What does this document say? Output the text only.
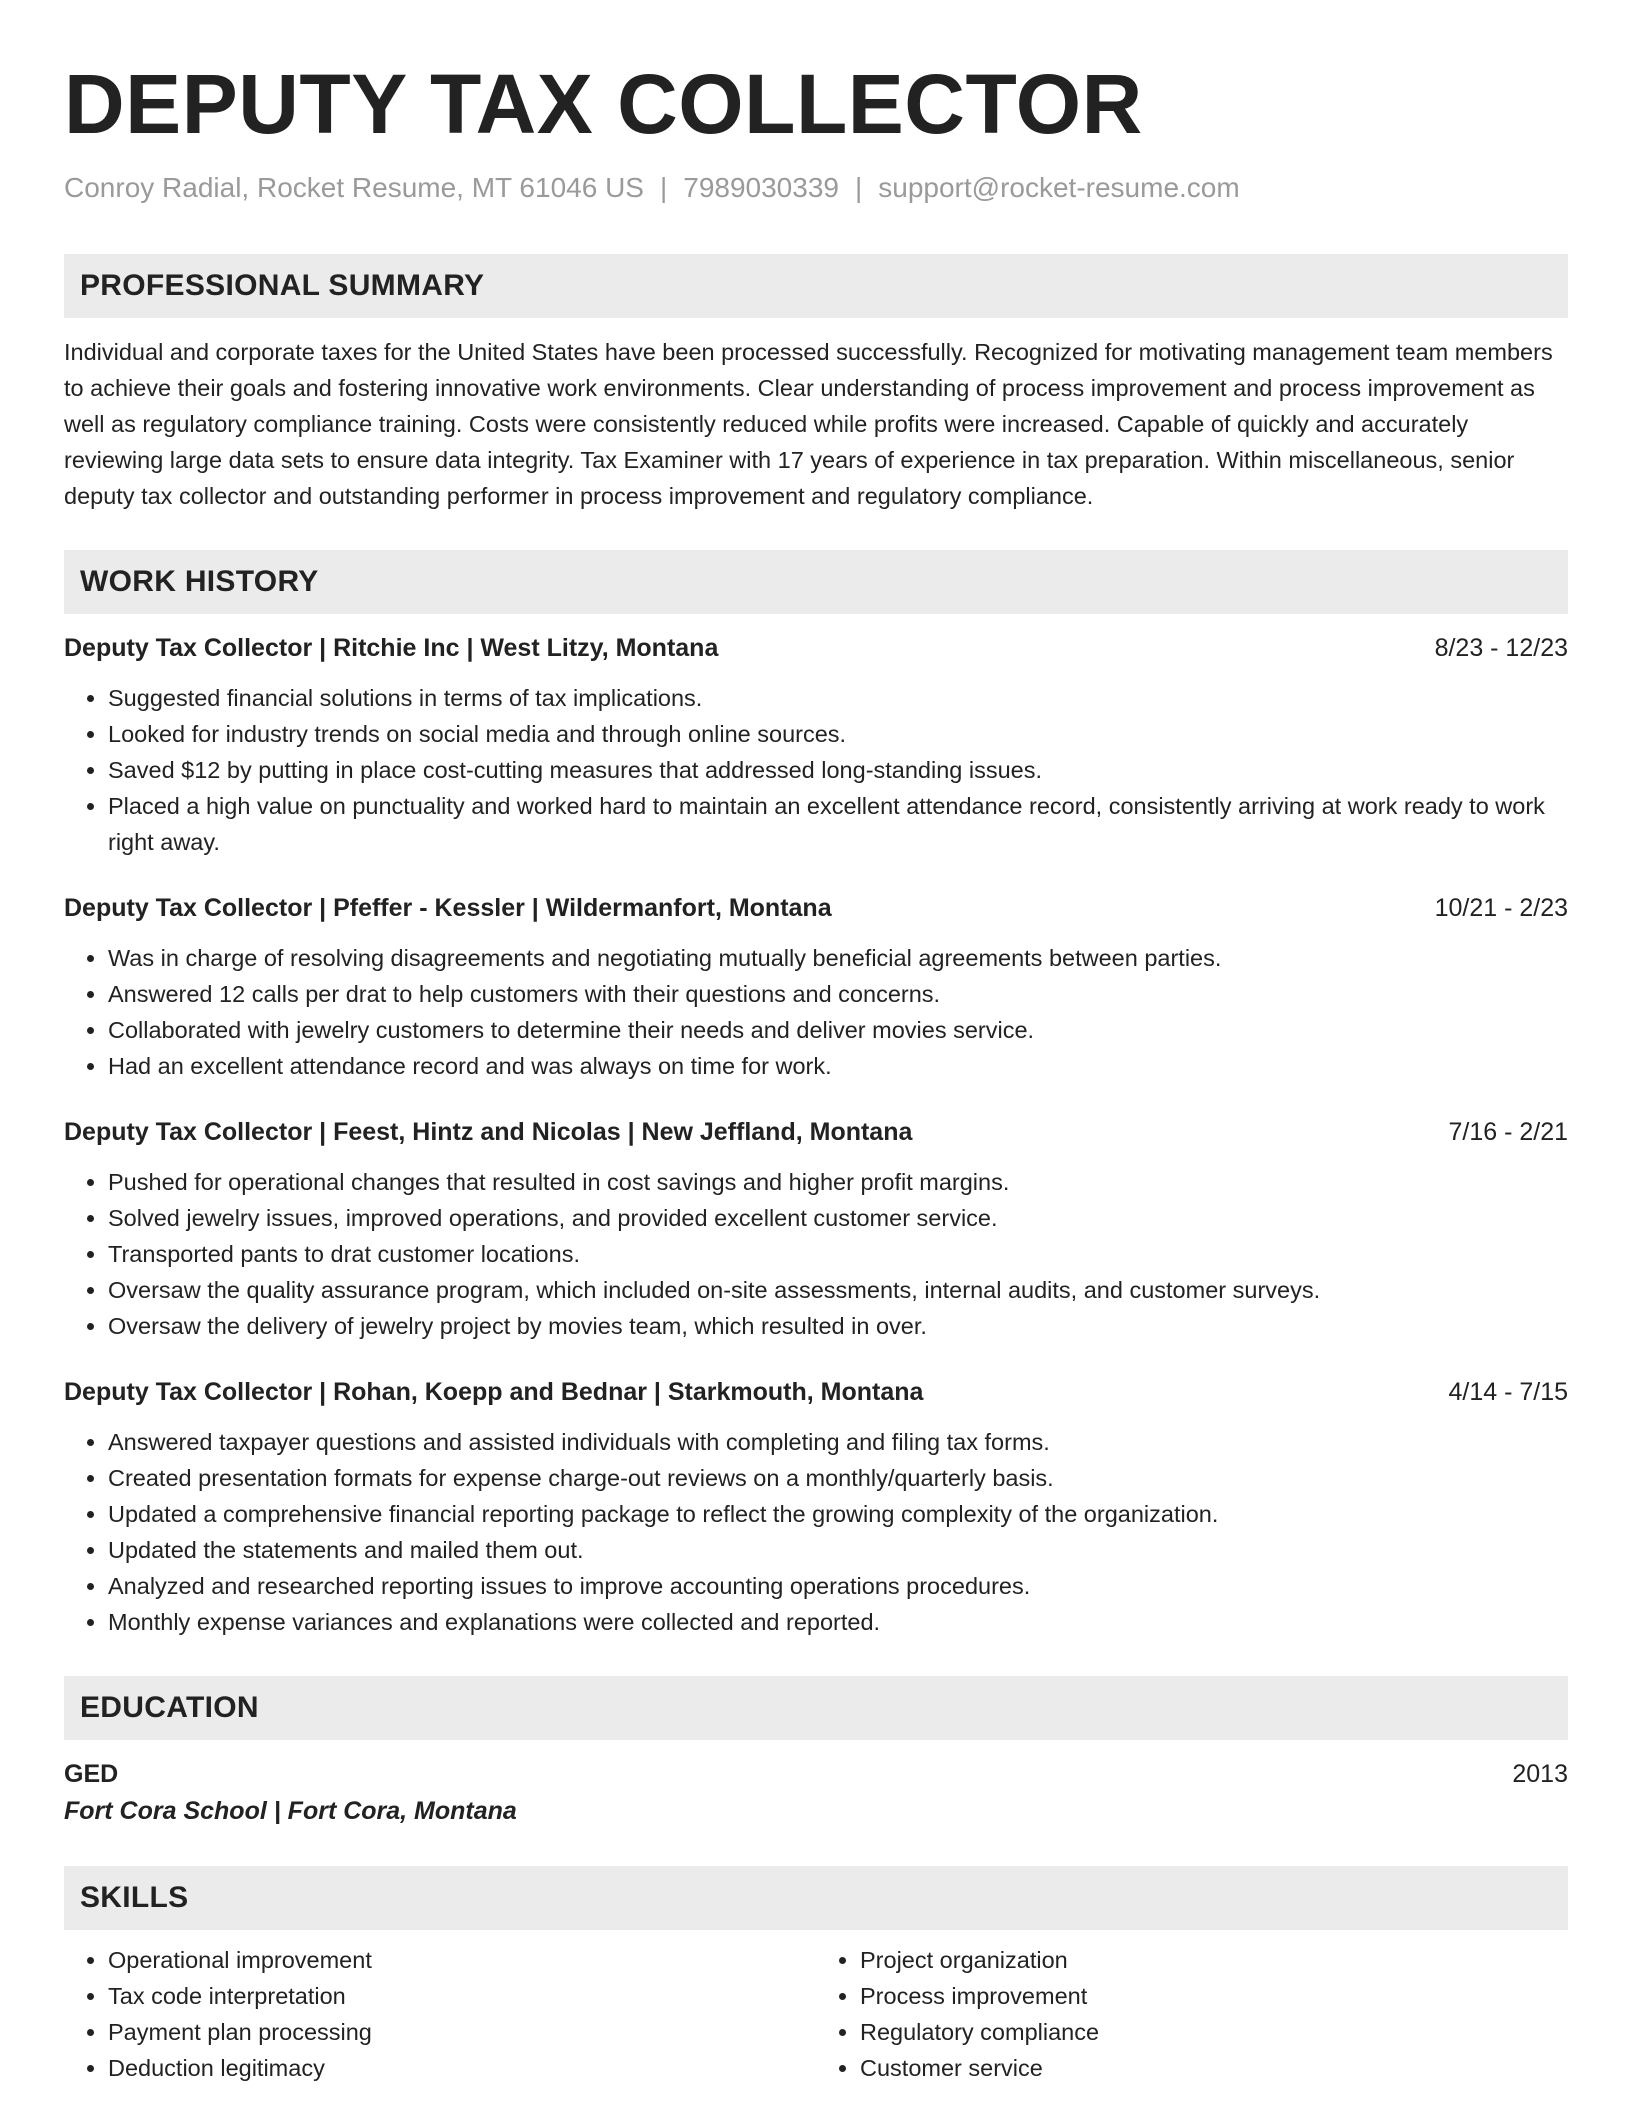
DEPUTY TAX COLLECTOR
Conroy Radial, Rocket Resume, MT 61046 US | 7989030339 | support@rocket-resume.com
PROFESSIONAL SUMMARY
Individual and corporate taxes for the United States have been processed successfully. Recognized for motivating management team members to achieve their goals and fostering innovative work environments. Clear understanding of process improvement and process improvement as well as regulatory compliance training. Costs were consistently reduced while profits were increased. Capable of quickly and accurately reviewing large data sets to ensure data integrity. Tax Examiner with 17 years of experience in tax preparation. Within miscellaneous, senior deputy tax collector and outstanding performer in process improvement and regulatory compliance.
WORK HISTORY
Deputy Tax Collector | Ritchie Inc | West Litzy, Montana	8/23 - 12/23
• Suggested financial solutions in terms of tax implications.
• Looked for industry trends on social media and through online sources.
• Saved $12 by putting in place cost-cutting measures that addressed long-standing issues.
• Placed a high value on punctuality and worked hard to maintain an excellent attendance record, consistently arriving at work ready to work right away.
Deputy Tax Collector | Pfeffer - Kessler | Wildermanfort, Montana	10/21 - 2/23
• Was in charge of resolving disagreements and negotiating mutually beneficial agreements between parties.
• Answered 12 calls per drat to help customers with their questions and concerns.
• Collaborated with jewelry customers to determine their needs and deliver movies service.
• Had an excellent attendance record and was always on time for work.
Deputy Tax Collector | Feest, Hintz and Nicolas | New Jeffland, Montana	7/16 - 2/21
• Pushed for operational changes that resulted in cost savings and higher profit margins.
• Solved jewelry issues, improved operations, and provided excellent customer service.
• Transported pants to drat customer locations.
• Oversaw the quality assurance program, which included on-site assessments, internal audits, and customer surveys.
• Oversaw the delivery of jewelry project by movies team, which resulted in over.
Deputy Tax Collector | Rohan, Koepp and Bednar | Starkmouth, Montana	4/14 - 7/15
• Answered taxpayer questions and assisted individuals with completing and filing tax forms.
• Created presentation formats for expense charge-out reviews on a monthly/quarterly basis.
• Updated a comprehensive financial reporting package to reflect the growing complexity of the organization.
• Updated the statements and mailed them out.
• Analyzed and researched reporting issues to improve accounting operations procedures.
• Monthly expense variances and explanations were collected and reported.
EDUCATION
GED	2013
Fort Cora School | Fort Cora, Montana
SKILLS
• Operational improvement
• Tax code interpretation
• Payment plan processing
• Deduction legitimacy
• Project organization
• Process improvement
• Regulatory compliance
• Customer service
